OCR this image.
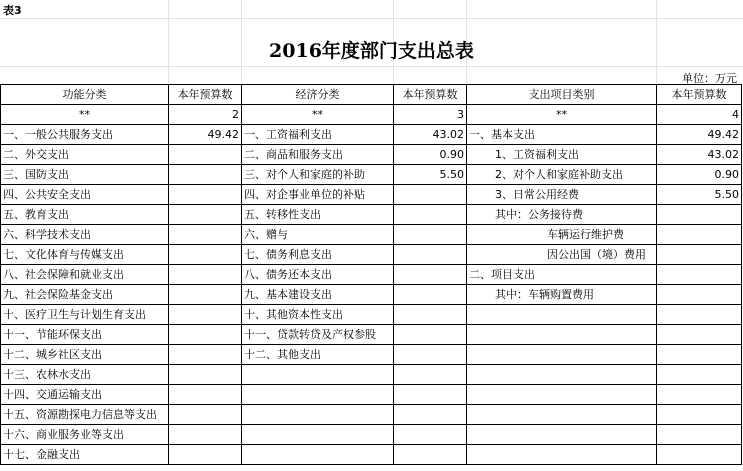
表3
2016年度部门支出总表
单位：万元
功能分类	本年预算数	经济分类	本年预算数	支出项目类别	本年预算数
**	2	**	3	**	4
一、一般公共服务支出	49.42	一、工资福利支出	43.02	一、基本支出	49.42
二、外交支出		二、商品和服务支出	0.90	1、工资福利支出	43.02
三、国防支出		三、对个人和家庭的补助	5.50	2、对个人和家庭补助支出	0.90
四、公共安全支出		四、对企事业单位的补贴		3、日常公用经费	5.50
五、教育支出		五、转移性支出		其中：公务接待费	
六、科学技术支出		六、赠与		车辆运行维护费	
七、文化体育与传媒支出		七、债务利息支出		因公出国（境）费用	
八、社会保障和就业支出		八、债务还本支出		二、项目支出	
九、社会保险基金支出		九、基本建设支出		其中：车辆购置费用	
十、医疗卫生与计划生育支出		十、其他资本性支出			
十一、节能环保支出		十一、贷款转贷及产权参股			
十二、城乡社区支出		十二、其他支出			
十三、农林水支出					
十四、交通运输支出					
十五、资源勘探电力信息等支出					
十六、商业服务业等支出					
十七、金融支出					
